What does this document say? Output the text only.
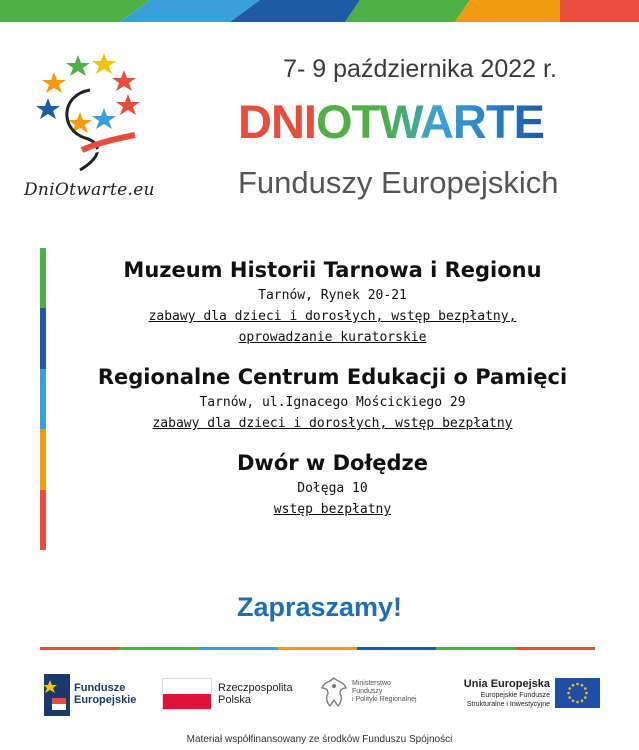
DniOtwarte.eu
7- 9 października 2022 r.
DNIOTWARTE
Funduszy Europejskich
Muzeum Historii Tarnowa i Regionu
Tarnów, Rynek 20-21
zabawy dla dzieci i dorosłych, wstęp bezpłatny,
oprowadzanie kuratorskie
Regionalne Centrum Edukacji o Pamięci
Tarnów, ul.Ignacego Mościckiego 29
zabawy dla dzieci i dorosłych, wstęp bezpłatny
Dwór w Dołędze
Dołęga 10
wstęp bezpłatny
Zapraszamy!
Fundusze
Europejskie
Rzeczpospolita
Polska
Ministerstwo
Funduszy
i Polityki Regionalnej
Unia Europejska
Europejskie Fundusze
Strukturalne i Inwestycyjne
Materiał współfinansowany ze środków Funduszu Spójności
